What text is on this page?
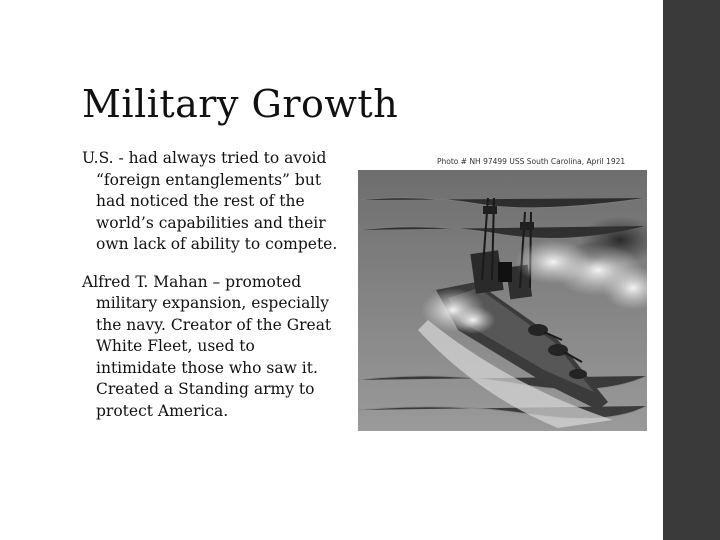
Military Growth

U.S. - had always tried to avoid “foreign entanglements” but had noticed the rest of the world’s capabilities and their own lack of ability to compete.

Alfred T. Mahan – promoted military expansion, especially the navy. Creator of the Great White Fleet, used to intimidate those who saw it. Created a Standing army to protect America.

Photo # NH 97499 USS South Carolina, April 1921
